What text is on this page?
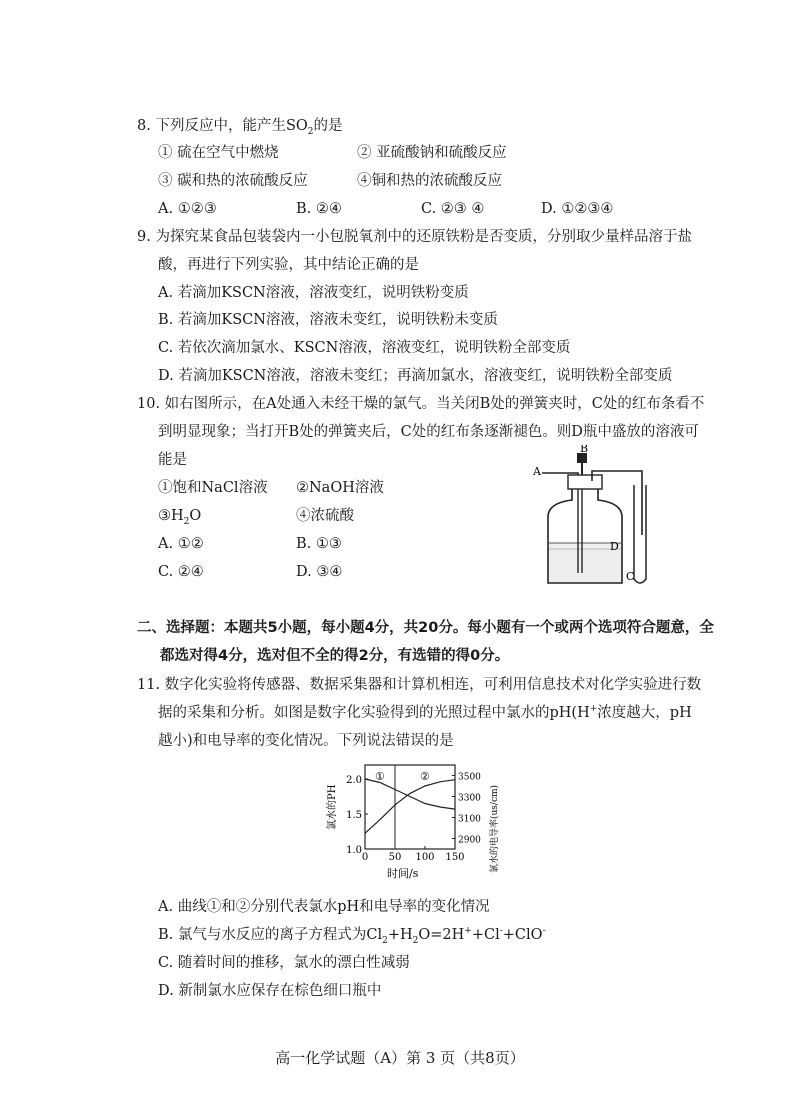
8. 下列反应中，能产生$SO_2$的是
① 硫在空气中燃烧	② 亚硫酸钠和硫酸反应
③ 碳和热的浓硫酸反应	④铜和热的浓硫酸反应
A. ①②③	B. ②④	C. ②③ ④	D. ①②③④
9. 为探究某食品包装袋内一小包脱氧剂中的还原铁粉是否变质，分别取少量样品溶于盐
酸，再进行下列实验，其中结论正确的是
A. 若滴加KSCN溶液，溶液变红，说明铁粉变质
B. 若滴加KSCN溶液，溶液未变红，说明铁粉未变质
C. 若依次滴加氯水、KSCN溶液，溶液变红，说明铁粉全部变质
D. 若滴加KSCN溶液，溶液未变红；再滴加氯水，溶液变红，说明铁粉全部变质
10. 如右图所示，在A处通入未经干燥的氯气。当关闭B处的弹簧夹时，C处的红布条看不
到明显现象；当打开B处的弹簧夹后，C处的红布条逐渐褪色。则D瓶中盛放的溶液可
能是
①饱和NaCl溶液 ②NaOH溶液
$③H_2O$	④浓硫酸
A. ①②	B. ①③
C. ②④	D. ③④
A
B
C
D
二、选择题：本题共5小题，每小题4分，共20分。每小题有一个或两个选项符合题意，全
都选对得4分，选对但不全的得2分，有选错的得0分。
11. 数字化实验将传感器、数据采集器和计算机相连，可利用信息技术对化学实验进行数
据的采集和分析。如图是数字化实验得到的光照过程中氯水的pH(H+浓度越大，pH
越小)和电导率的变化情况。下列说法错误的是
0 50 100 150
1.0
1.5
2.0
2900
3100
3300
3500
①	②
时间/s
氯水的PH	氯水的电导率(us/cm)
A. 曲线①和②分别代表氯水pH和电导率的变化情况
B. 氯气与水反应的离子方程式为$Cl_2+H_2O=2H^++Cl^-+ClO^-$
C. 随着时间的推移，氯水的漂白性减弱
D. 新制氯水应保存在棕色细口瓶中
高一化学试题（A）第 3 页（共8页）
